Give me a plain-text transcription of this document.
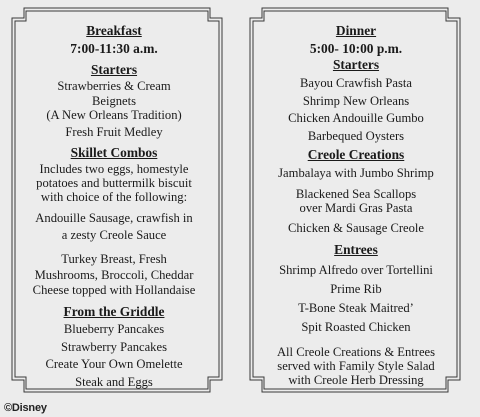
Breakfast
7:00-11:30 a.m.
Starters
Strawberries & Cream
Beignets
(A New Orleans Tradition)
Fresh Fruit Medley
Skillet Combos
Includes two eggs, homestyle
potatoes and buttermilk biscuit
with choice of the following:
Andouille Sausage, crawfish in
a zesty Creole Sauce
Turkey Breast, Fresh
Mushrooms, Broccoli, Cheddar
Cheese topped with Hollandaise
From the Griddle
Blueberry Pancakes
Strawberry Pancakes
Create Your Own Omelette
Steak and Eggs
Dinner
5:00- 10:00 p.m.
Starters
Bayou Crawfish Pasta
Shrimp New Orleans
Chicken Andouille Gumbo
Barbequed Oysters
Creole Creations
Jambalaya with Jumbo Shrimp
Blackened Sea Scallops
over Mardi Gras Pasta
Chicken & Sausage Creole
Entrees
Shrimp Alfredo over Tortellini
Prime Rib
T-Bone Steak Maitred’
Spit Roasted Chicken
All Creole Creations & Entrees
served with Family Style Salad
with Creole Herb Dressing
©Disney
